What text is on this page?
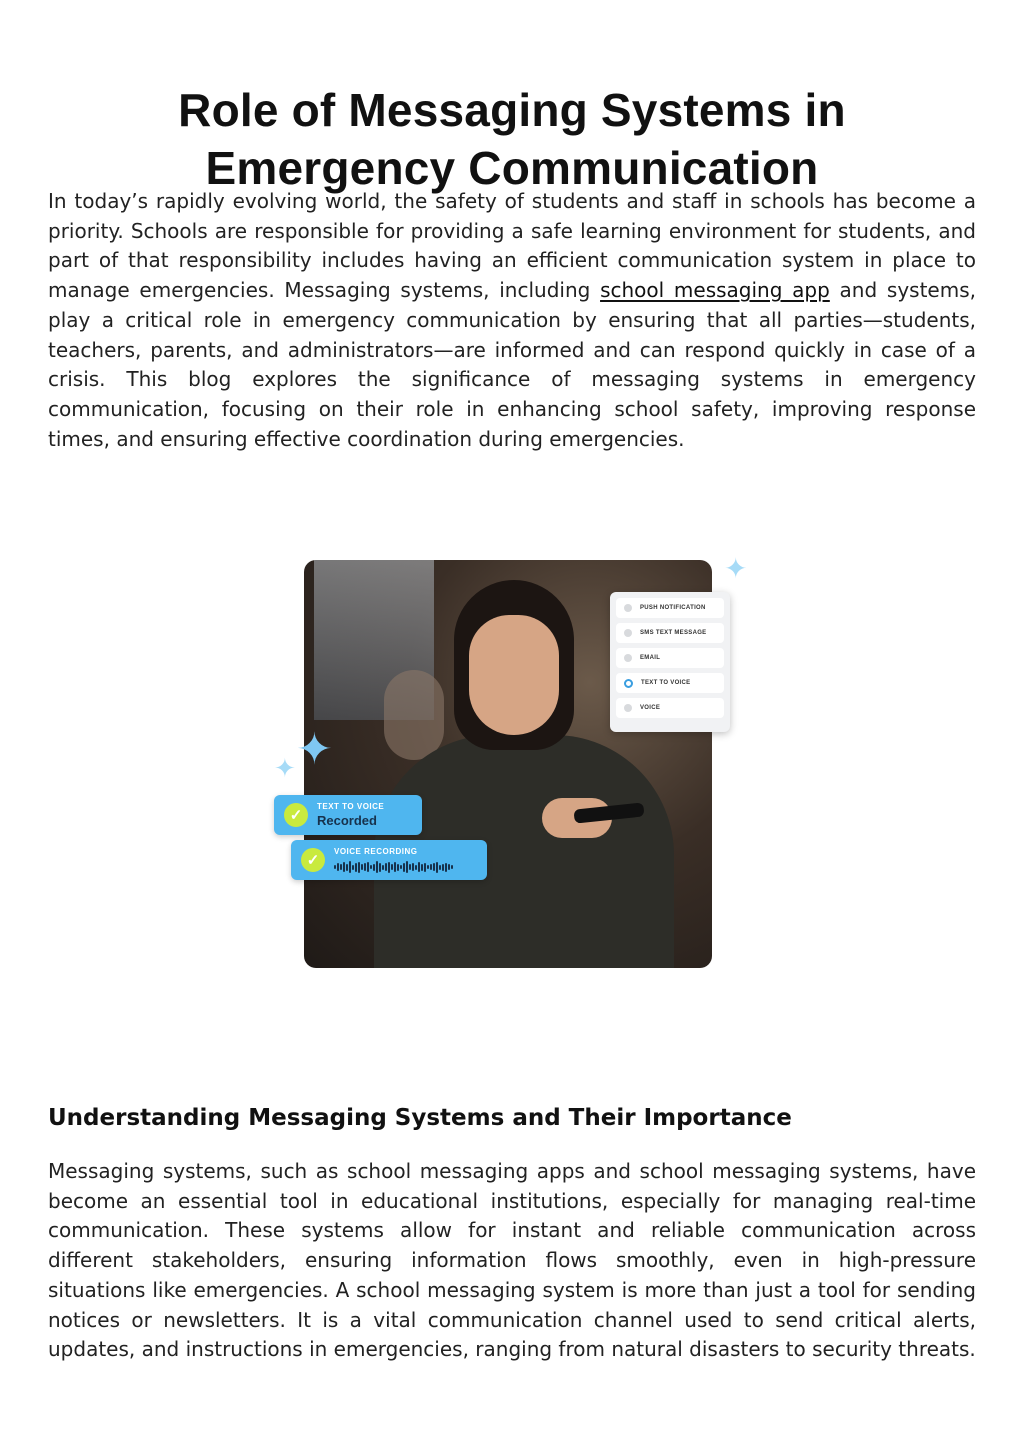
Role of Messaging Systems in
Emergency Communication

In today’s rapidly evolving world, the safety of students and staff in schools has become a priority. Schools are responsible for providing a safe learning environment for students, and part of that responsibility includes having an efficient communication system in place to manage emergencies. Messaging systems, including school messaging app and systems, play a critical role in emergency communication by ensuring that all parties—students, teachers, parents, and administrators—are informed and can respond quickly in case of a crisis. This blog explores the significance of messaging systems in emergency communication, focusing on their role in enhancing school safety, improving response times, and ensuring effective coordination during emergencies.

PUSH NOTIFICATION
SMS TEXT MESSAGE
EMAIL
TEXT TO VOICE
VOICE
✓
TEXT TO VOICE
Recorded
✓
VOICE RECORDING
✦
✦
✦
Understanding Messaging Systems and Their Importance

Messaging systems, such as school messaging apps and school messaging systems, have become an essential tool in educational institutions, especially for managing real-time communication. These systems allow for instant and reliable communication across different stakeholders, ensuring information flows smoothly, even in high-pressure situations like emergencies. A school messaging system is more than just a tool for sending notices or newsletters. It is a vital communication channel used to send critical alerts, updates, and instructions in emergencies, ranging from natural disasters to security threats.
